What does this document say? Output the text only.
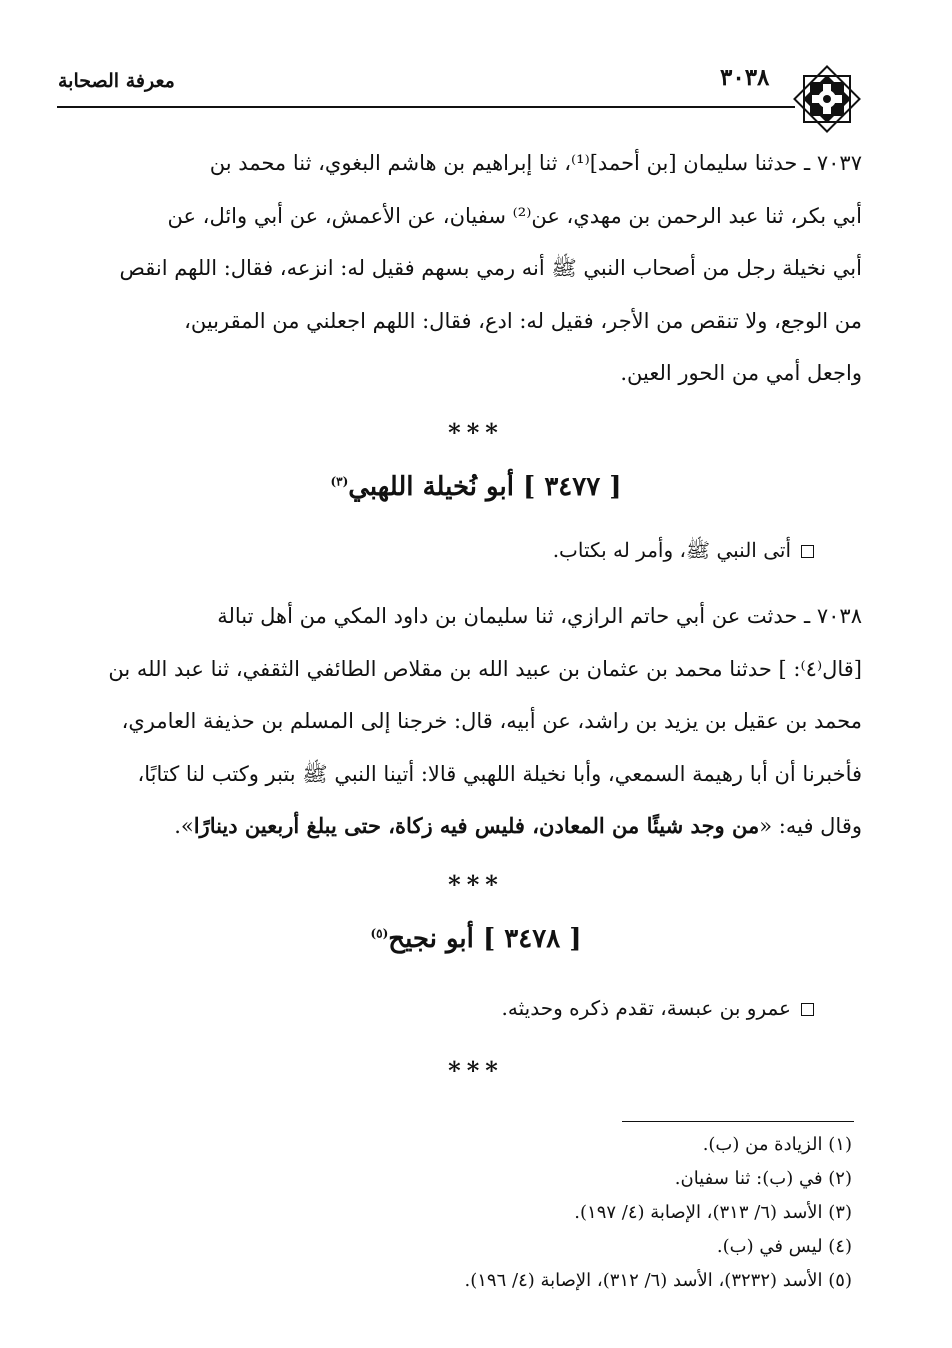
معرفة الصحابة	٣٠٣٨
٧٠٣٧ ـ حدثنا سليمان [بن أحمد]⁽¹⁾، ثنا إبراهيم بن هاشم البغوي، ثنا محمد بن
أبي بكر، ثنا عبد الرحمن بن مهدي، عن⁽²⁾ سفيان، عن الأعمش، عن أبي وائل، عن
أبي نخيلة رجل من أصحاب النبي ﷺ أنه رمي بسهم فقيل له: انزعه، فقال: اللهم انقص
من الوجع، ولا تنقص من الأجر، فقيل له: ادع، فقال: اللهم اجعلني من المقربين،
واجعل أمي من الحور العين.
***
[ ٣٤٧٧ ] أبو نُخيلة اللهبي$^{(٣)}$
أتى النبي ﷺ، وأمر له بكتاب.
٧٠٣٨ ـ حدثت عن أبي حاتم الرازي، ثنا سليمان بن داود المكي من أهل تبالة
[قال⁽٤⁾: ] حدثنا محمد بن عثمان بن عبيد الله بن مقلاص الطائفي الثقفي، ثنا عبد الله بن
محمد بن عقيل بن يزيد بن راشد، عن أبيه، قال: خرجنا إلى المسلم بن حذيفة العامري،
فأخبرنا أن أبا رهيمة السمعي، وأبا نخيلة اللهبي قالا: أتينا النبي ﷺ بتبر وكتب لنا كتابًا،
وقال فيه: «من وجد شيئًا من المعادن، فليس فيه زكاة، حتى يبلغ أربعين دينارًا».
***
[ ٣٤٧٨ ] أبو نجيح$^{(٥)}$
عمرو بن عبسة، تقدم ذكره وحديثه.
***
(١) الزيادة من (ب).
(٢) في (ب): ثنا سفيان.
(٣) الأسد (٦/ ٣١٣)، الإصابة (٤/ ١٩٧).
(٤) ليس في (ب).
(٥) الأسد (٣٢٣٢)، الأسد (٦/ ٣١٢)، الإصابة (٤/ ١٩٦).
